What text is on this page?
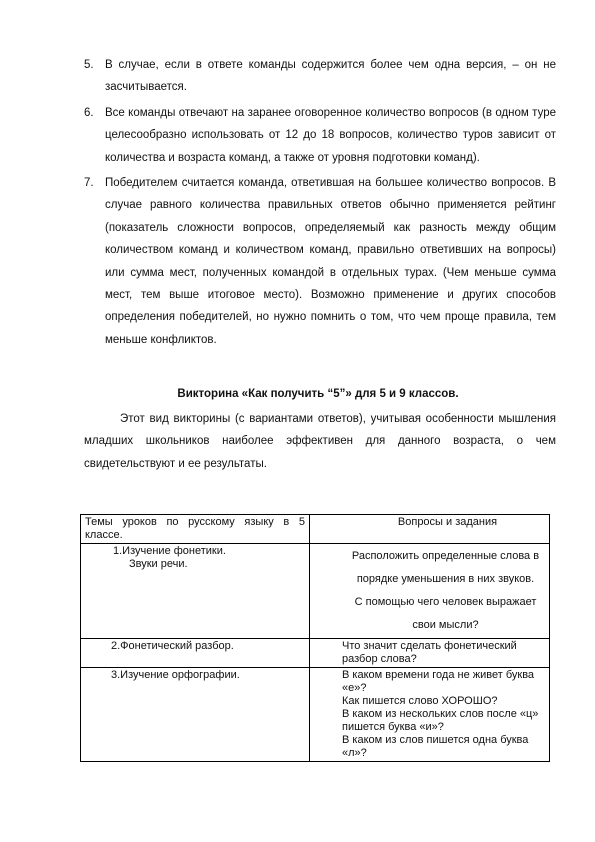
5. В случае, если в ответе команды содержится более чем одна версия, – он не засчитывается.
6. Все команды отвечают на заранее оговоренное количество вопросов (в одном туре целесообразно использовать от 12 до 18 вопросов, количество туров зависит от количества и возраста команд, а также от уровня подготовки команд).
7. Победителем считается команда, ответившая на большее количество вопросов. В случае равного количества правильных ответов обычно применяется рейтинг (показатель сложности вопросов, определяемый как разность между общим количеством команд и количеством команд, правильно ответивших на вопросы) или сумма мест, полученных командой в отдельных турах. (Чем меньше сумма мест, тем выше итоговое место). Возможно применение и других способов определения победителей, но нужно помнить о том, что чем проще правила, тем меньше конфликтов.
Викторина «Как получить “5”» для 5 и 9 классов.

Этот вид викторины (с вариантами ответов), учитывая особенности мышления младших школьников наиболее эффективен для данного возраста, о чем свидетельствуют и ее результаты.

Темы уроков по русскому языку в 5 классе.	Вопросы и задания

1.Изучение фонетики.
Звуки речи.	Расположить определенные слова в порядке уменьшения в них звуков.
С помощью чего человек выражает свои мысли?

2.Фонетический разбор.	Что значит сделать фонетический разбор слова?

3.Изучение орфографии.	В каком времени года не живет буква «е»?
Как пишется слово ХОРОШО?
В каком из нескольких слов после «ц» пишется буква «и»?
В каком из слов пишется одна буква «л»?
